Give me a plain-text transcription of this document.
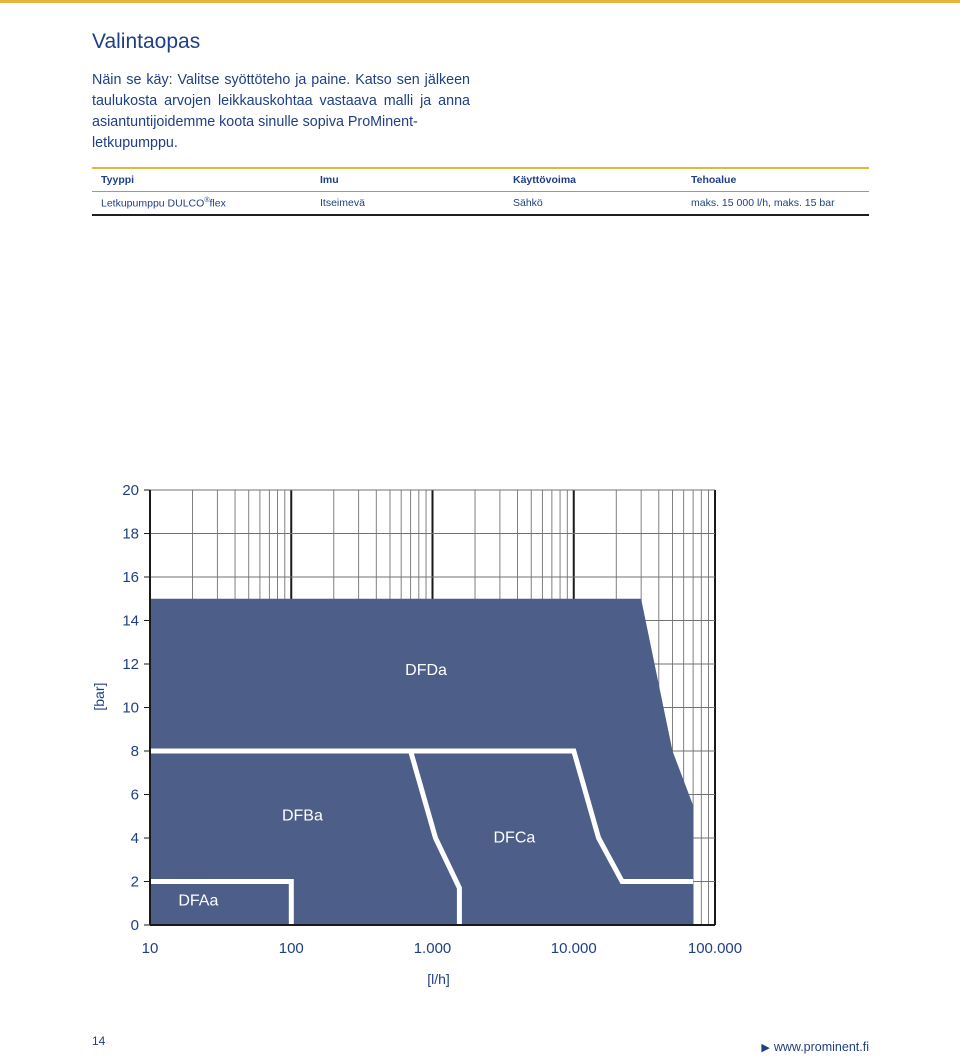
Valintaopas

Näin se käy: Valitse syöttöteho ja paine. Katso sen jälkeen taulukosta arvojen leikkauskohtaa vastaava malli ja anna asiantuntijoidemme koota sinulle sopiva ProMinent-
letkupumppu.

Tyyppi	Imu	Käyttövoima	Tehoalue
Letkupumppu DULCO®flex	Itseimevä	Sähkö	maks. 15 000 l/h, maks. 15 bar
0
2
4
6
8
10
12
14
16
18
20
10	100	1.000	10.000	100.000
[l/h]
[bar]
DFDa
DFBa
DFCa
DFAa
14	▶ www.prominent.fi
